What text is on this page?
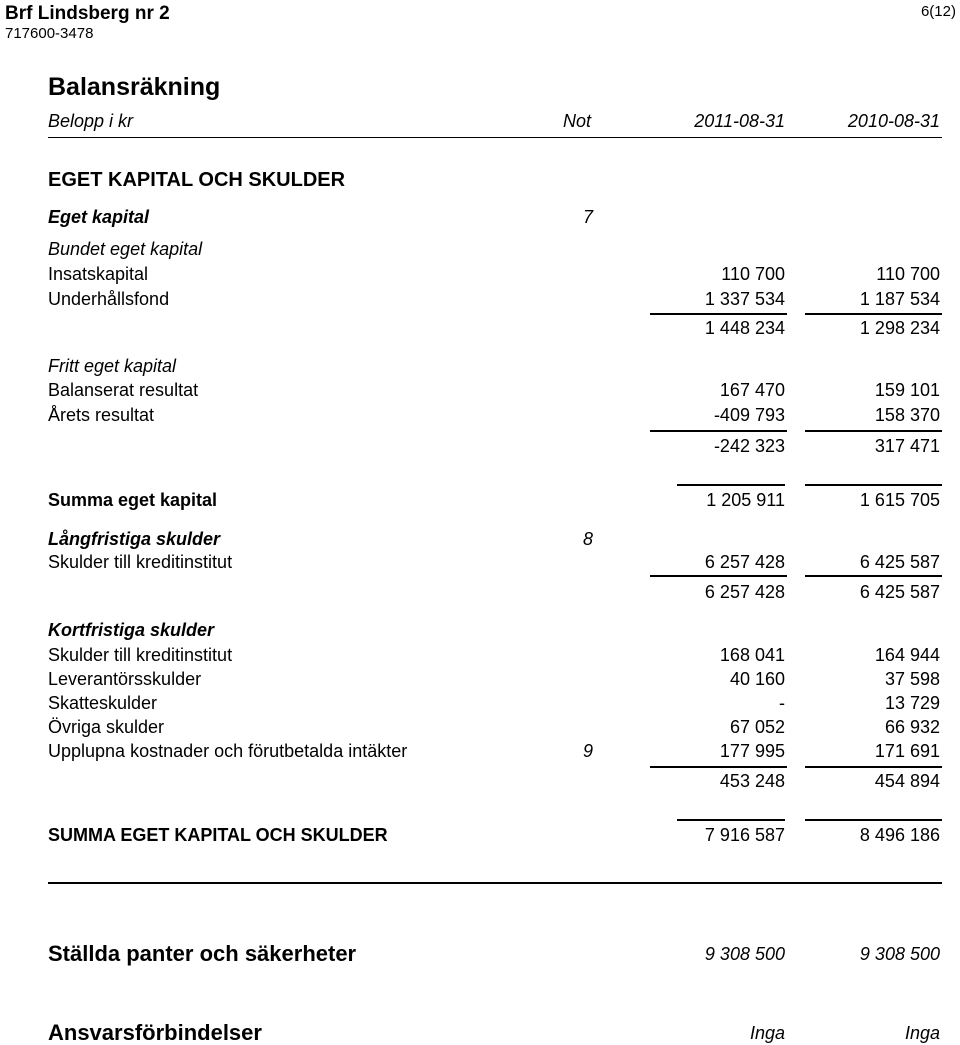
Brf Lindsberg nr 2
717600-3478
6(12)
Balansräkning
Belopp i kr	Not	2011-08-31	2010-08-31
EGET KAPITAL OCH SKULDER
Eget kapital	7
Bundet eget kapital
Insatskapital	110 700	110 700
Underhållsfond	1 337 534	1 187 534
1 448 234	1 298 234
Fritt eget kapital
Balanserat resultat	167 470	159 101
Årets resultat	-409 793	158 370
-242 323	317 471
Summa eget kapital	1 205 911	1 615 705
Långfristiga skulder	8
Skulder till kreditinstitut	6 257 428	6 425 587
6 257 428	6 425 587
Kortfristiga skulder
Skulder till kreditinstitut	168 041	164 944
Leverantörsskulder	40 160	37 598
Skatteskulder	-	13 729
Övriga skulder	67 052	66 932
Upplupna kostnader och förutbetalda intäkter	9	177 995	171 691
453 248	454 894
SUMMA EGET KAPITAL OCH SKULDER	7 916 587	8 496 186
Ställda panter och säkerheter	9 308 500	9 308 500
Ansvarsförbindelser	Inga	Inga
